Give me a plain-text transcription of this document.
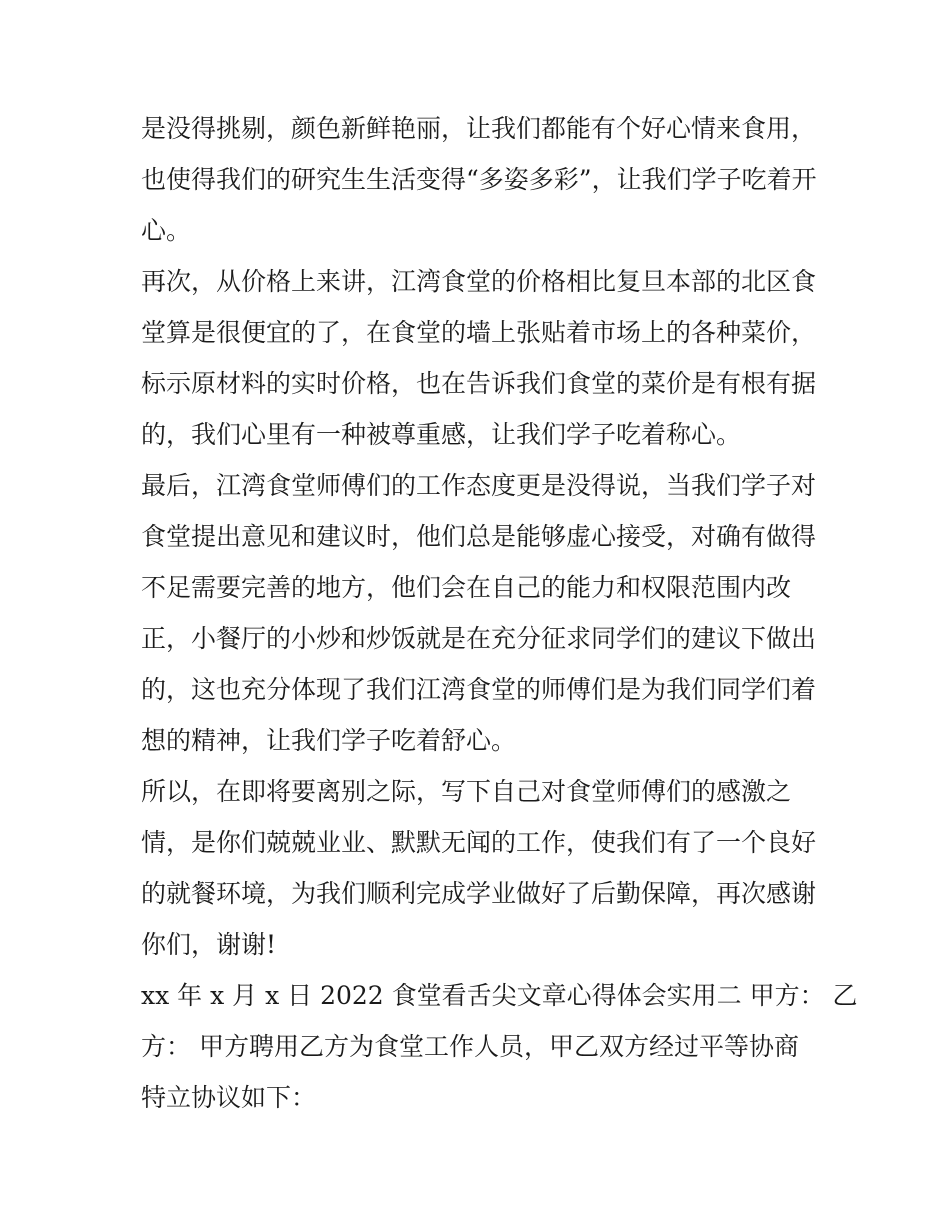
是没得挑剔，颜色新鲜艳丽，让我们都能有个好心情来食用，
也使得我们的研究生生活变得“多姿多彩”，让我们学子吃着开
心。
再次，从价格上来讲，江湾食堂的价格相比复旦本部的北区食
堂算是很便宜的了，在食堂的墙上张贴着市场上的各种菜价，
标示原材料的实时价格，也在告诉我们食堂的菜价是有根有据
的，我们心里有一种被尊重感，让我们学子吃着称心。
最后，江湾食堂师傅们的工作态度更是没得说，当我们学子对
食堂提出意见和建议时，他们总是能够虚心接受，对确有做得
不足需要完善的地方，他们会在自己的能力和权限范围内改
正，小餐厅的小炒和炒饭就是在充分征求同学们的建议下做出
的，这也充分体现了我们江湾食堂的师傅们是为我们同学们着
想的精神，让我们学子吃着舒心。
所以，在即将要离别之际，写下自己对食堂师傅们的感激之
情，是你们兢兢业业、默默无闻的工作，使我们有了一个良好
的就餐环境，为我们顺利完成学业做好了后勤保障，再次感谢
你们，谢谢!
xx 年 x 月 x 日 2022 食堂看舌尖文章心得体会实用二 甲方： 乙
方： 甲方聘用乙方为食堂工作人员，甲乙双方经过平等协商
特立协议如下：
